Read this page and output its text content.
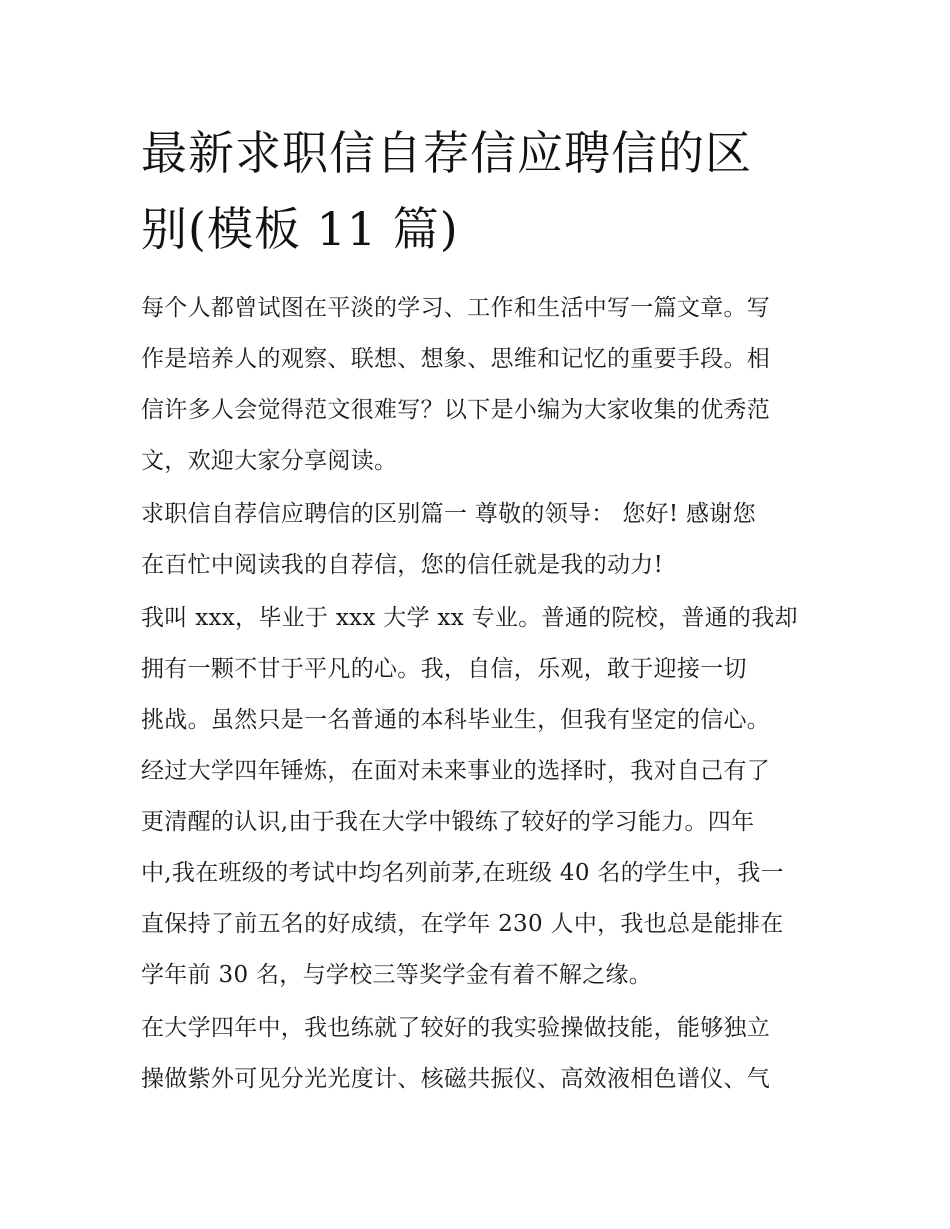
最新求职信自荐信应聘信的区
别(模板 11 篇)

每个人都曾试图在平淡的学习、工作和生活中写一篇文章。写
作是培养人的观察、联想、想象、思维和记忆的重要手段。相
信许多人会觉得范文很难写？以下是小编为大家收集的优秀范
文，欢迎大家分享阅读。

求职信自荐信应聘信的区别篇一 尊敬的领导： 您好! 感谢您
在百忙中阅读我的自荐信，您的信任就是我的动力!

我叫 xxx，毕业于 xxx 大学 xx 专业。普通的院校，普通的我却
拥有一颗不甘于平凡的心。我，自信，乐观，敢于迎接一切
挑战。虽然只是一名普通的本科毕业生，但我有坚定的信心。
经过大学四年锤炼，在面对未来事业的选择时，我对自己有了
更清醒的认识,由于我在大学中锻练了较好的学习能力。四年
中,我在班级的考试中均名列前茅,在班级 40 名的学生中，我一
直保持了前五名的好成绩，在学年 230 人中，我也总是能排在
学年前 30 名，与学校三等奖学金有着不解之缘。

在大学四年中，我也练就了较好的我实验操做技能，能够独立
操做紫外可见分光光度计、核磁共振仪、高效液相色谱仪、气
